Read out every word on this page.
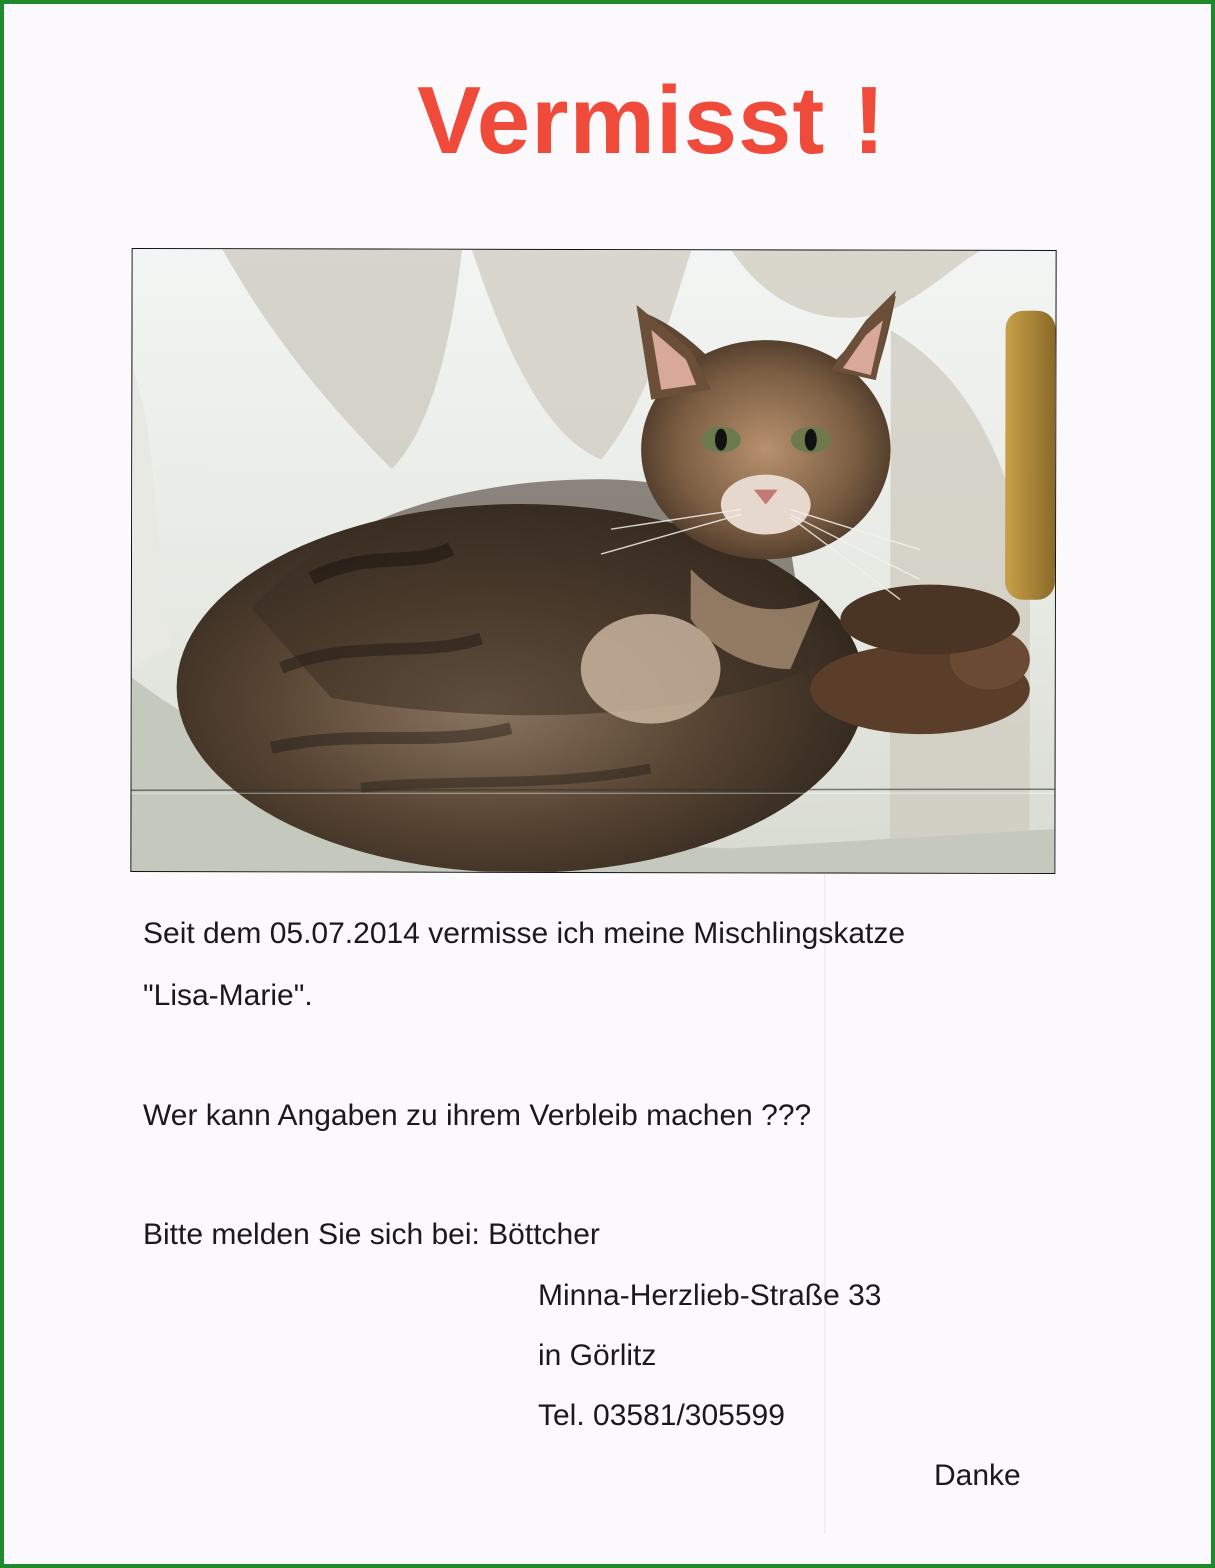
Vermisst !
Seit dem 05.07.2014 vermisse ich meine Mischlingskatze
"Lisa-Marie".
Wer kann Angaben zu ihrem Verbleib machen ???
Bitte melden Sie sich bei: Böttcher
Minna-Herzlieb-Straße 33
in Görlitz
Tel. 03581/305599
Danke
